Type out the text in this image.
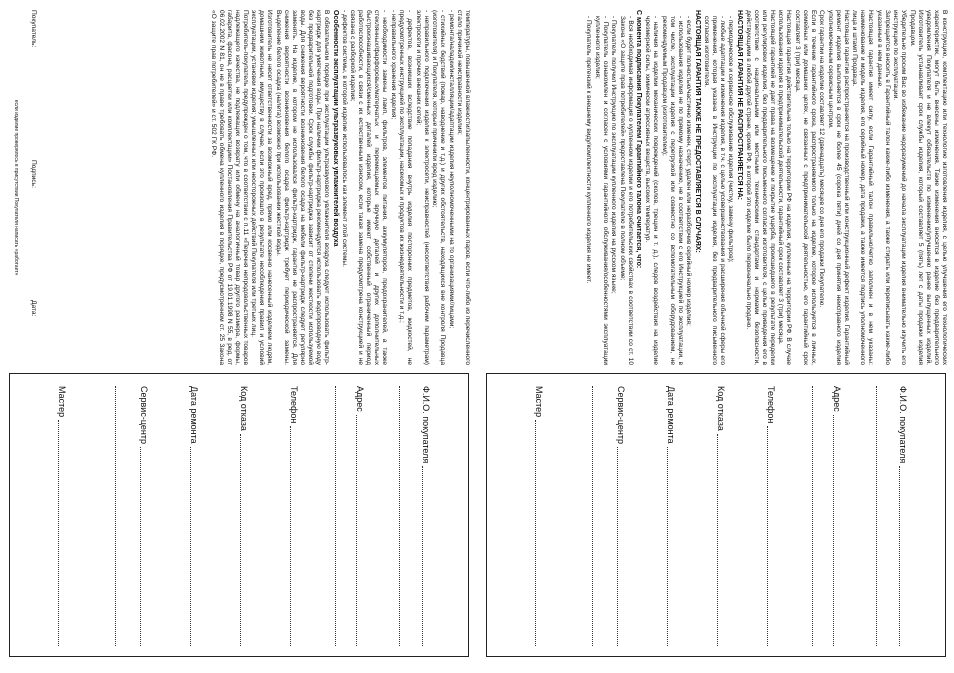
В конструкцию, комплектацию или технологию изготовления изделия, с целью улучшения его технологических характеристик, могут быть внесены изменения. Такие изменения вносятся в изделие без предварительного уведомления Покупателя и не влекут обязательств по изменению/улучшению ранее выпущенных изделий. Изготовитель устанавливает срок службы изделия, который составляет 5 (пять) лет с даты продажи изделия Продавцом.

Убедительно просим Вас во избежание недоразумений до начала эксплуатации изделия внимательно изучить его инструкцию по эксплуатации.

Запрещается вносить в Гарантийный талон какие-либо изменения, а также стирать или переписывать какие-либо указанные в нем данные.

Настоящая гарантия имеет силу, если Гарантийный талон правильно/четко заполнен и в нем указаны: наименование и модель изделия, его серийный номер, дата продажи, а также имеется подпись уполномоченного лица и штамп Продавца.

Настоящая гарантия распространяется на производственный или конструкционный дефект изделия. Гарантийный ремонт изделия выполняется в срок не более 45 (сорока пяти) дней со дня принятия неисправного изделия уполномоченным сервисным центром.

Срок гарантии на изделие составляет 12 (двенадцать) месяцев со дня его продажи Покупателю.

Если в течение гарантийного срока, распространяемого только на изделие, которое используется в личных, семейных или домашних целях, не связанных с предпринимательской деятельностью, его гарантийный срок составляет 3 (три) месяца.

Настоящая гарантия действительна только на территории РФ на изделия, купленные на территории РФ. В случае использования изделия в предпринимательской деятельности, гарантийный срок составляет 3 (три) месяца.

Настоящей гарантией не дает права на возмещение и покрытие ущерба, происшедшего в результате переделки или регулировки изделия, без предварительного письменного согласия изготовителя, с целью приведения его в соответствие с национальными или местными техническими стандартами и нормами безопасности, действующими в любой другой стране, кроме РФ, в которой это изделие было первоначально продано.

НАСТОЯЩАЯ ГАРАНТИЯ НЕ РАСПРОСТРАНЯЕТСЯ НА:

- периодическое и сервисное обслуживание изделия (чистку, замену фильтров);

- любые адаптации и изменения изделия, в т.ч. с целью усовершенствования и расширения обычной сферы его применения, которая указана в Инструкции по эксплуатации изделия, без предварительного письменного согласия изготовителя.

НАСТОЯЩАЯ ГАРАНТИЯ ТАКЖЕ НЕ ПРЕДОСТАВЛЯЕТСЯ В СЛУЧАЯХ:

- если будет полностью/частично изменен, стерт, удален или неразборчив серийный номер изделия;

- использования изделия не по прямому назначению, не в соответствии с его Инструкцией по эксплуатации, в том числе, эксплуатации изделия с перегрузкой или совместно со вспомогательным оборудованием, не рекомендуемым Продавцом (изготовителем);

- наличия на изделии механических повреждений (сколов, трещин и т. д.), следов воздействия на изделие чрезмерной силы, химически агрессивных веществ, высоких температур.

С момента подписания Покупателем Гарантийного талона считается, что:

- Вся необходимая информация о купленном изделии и его потребительских свойствах в соответствии со ст. 10 Закона «О защите прав потребителей» предоставлена Покупателю в полном объеме;

- Покупатель получил Инструкцию по эксплуатации купленного изделия на русском языке;

- Покупатель ознакомлен и согласен с условиями гарантийного обслуживания/особенностями эксплуатации купленного изделия;

- Покупатель претензий к внешнему виду/комплектности купленного изделия не имеет.

Ф.И.О. покупателя
Адрес
Телефон
Код отказа
Дата ремонта
Сервис-центр
Мастер

температуры, повышенной влажности/запыленности, концентрированных паров, если что-либо из перечисленного стало причиной неисправности изделия;

- ремонта/наладки/инсталляции/адаптации изделия неуполномоченными на то организациями/лицами;

- стихийных бедствий (пожар, наводнение и т.д.) и других обстоятельств, находящихся вне контроля Продавца (изготовителя) и Покупателя, которые причинили вред изделию;

- неправильного подключения изделия к электросети, неисправностей (несоответствия рабочим параметрам) электросети и прочих внешних сетей;

- дефектов, возникших вследствие попадания внутрь изделия посторонних предметов, жидкостей, не предусмотренных инструкцией по эксплуатации, насекомых и продуктов их жизнедеятельности и т.д.;

- неправильного хранения изделия;

- необходимости замены ламп, фильтров, элементов питания, аккумуляторов, предохранителей, а также стеклянных/фарфоровых/матерчатых и перемещаемых вручную деталей и других дополнительных быстроизнашивающихся/сменных деталей изделия, которые имеют собственный ограниченный период работоспособности, в связи с их естественным износом, если такая замена предусмотрена конструкцией и не связана с разборкой изделия;

- дефектов системы, в которой изделие использовалось как элемент этой системы.

Особенности эксплуатации ультразвуковых увлажнителей воздуха

В обязательном порядке при эксплуатации ультразвукового увлажнителя воздуха следует использовать фильтр-картридж для умягчения воды. При наличии фильтр-картриджа рекомендуется использовать водопроводную воду без предварительной подготовки. Срок службы фильтр-картриджа зависит от степени жесткости используемой воды. Для снижения вероятности возникновения белого осадка на мебели фильтр-картридж следует регулярно заменять. На изделие, в котором не использовался фильтр-картридж, гарантия не распространяется. Для снижения вероятности возникновения белого осадка фильтр-картридж требует периодической замены. Выделение белого осадка (налета) возможно при использовании жесткой воды.

Изготовитель не несет ответственности за возможный вред, прямо или косвенно нанесенный изделием людям, домашним животным, имуществу в случае, если это произошло в результате несоблюдения правил и условий эксплуатации, установки изделия; умышленных или неосторожных действий Покупателя или третьих лиц.

Потребитель-покупатель предупрежден о том, что в соответствии с п.11 «Перечня непродовольственных товаров надлежащего качества, не подлежащих возврату или обмену на аналогичный товар другого размера, формы, габарита, фасона, расцветки или комплектации» Постановления Правительства РФ от 19.01.1998 N 55, в ред. от 06.02.2002 N 81, он не в праве требовать обмена купленного изделия в порядке, предусмотренном ст. 25 Закона «О защите прав потребителей» и ст. 502 ГК РФ.

Покупатель:
Подпись:
Дата:
если изделие проверялось в присутствии Покупателя написать «работает»
Ф.И.О. покупателя
Адрес
Телефон
Код отказа
Дата ремонта
Сервис-центр
Мастер
